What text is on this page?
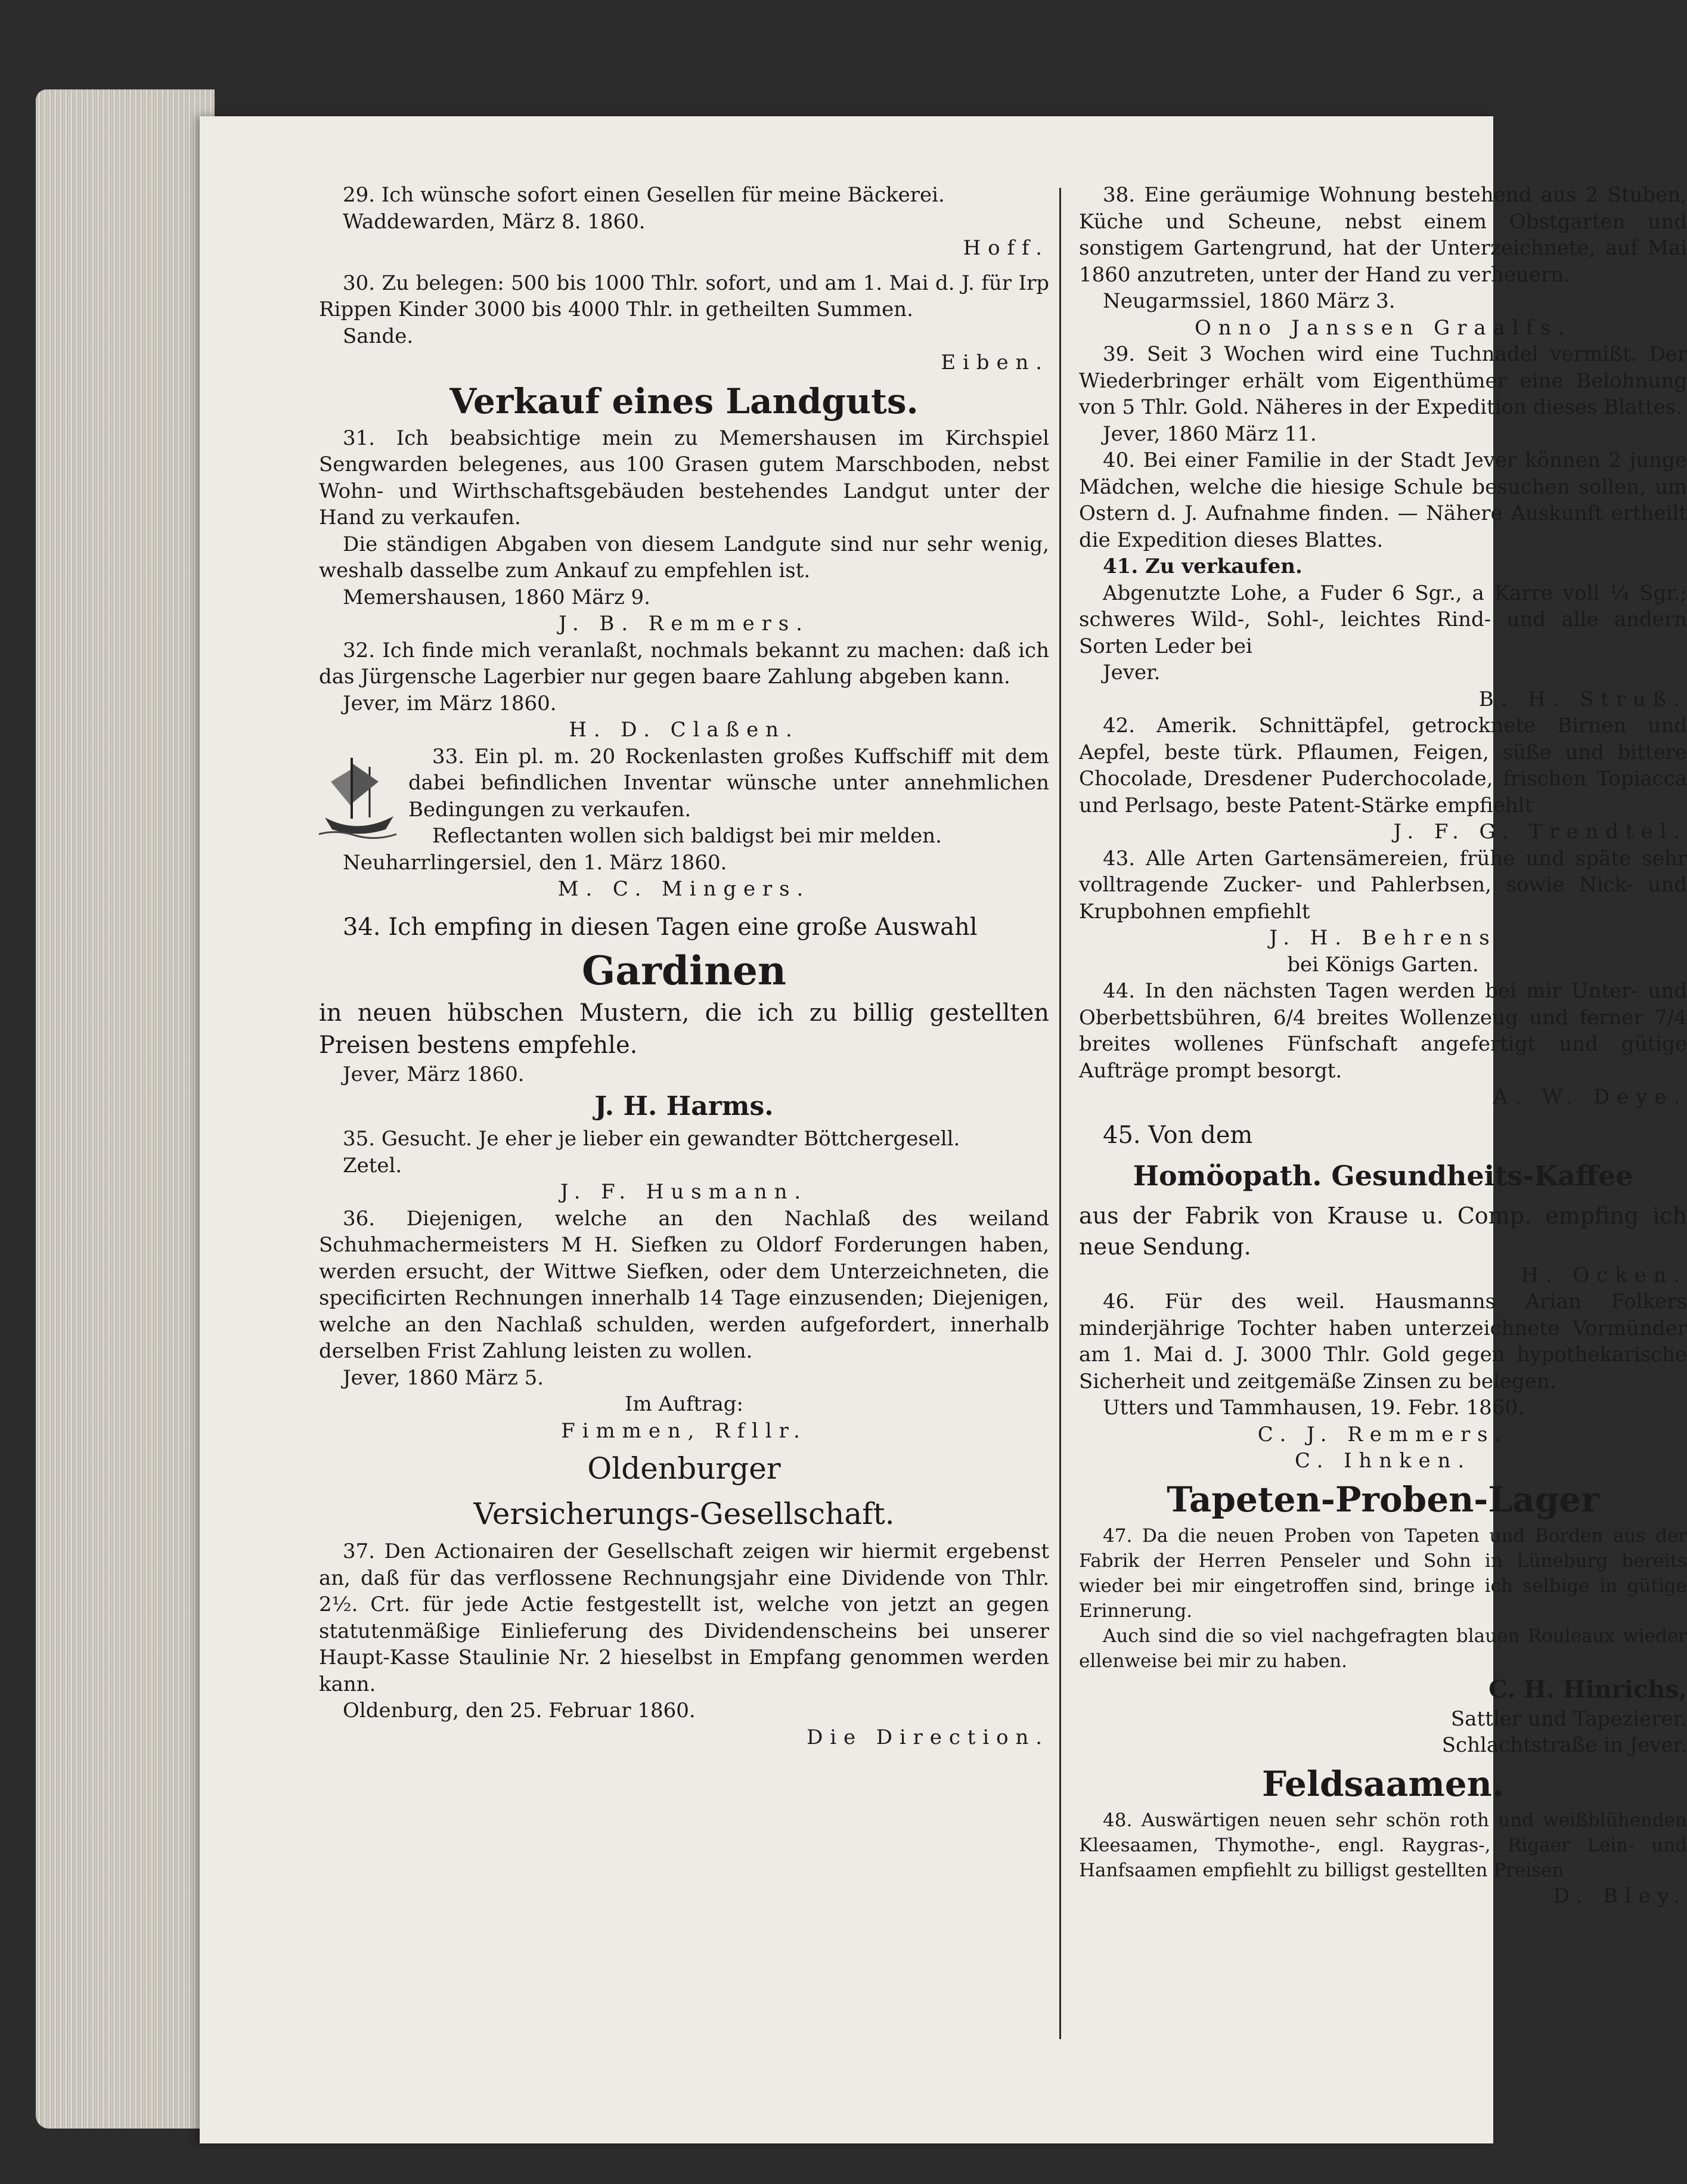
29. Ich wünsche sofort einen Gesellen für meine Bäckerei.

Waddewarden, März 8. 1860.

Hoff.

30. Zu belegen: 500 bis 1000 Thlr. sofort, und am 1. Mai d. J. für Irp Rippen Kinder 3000 bis 4000 Thlr. in getheilten Summen.

Sande.

Eiben.

Verkauf eines Landguts.

31. Ich beabsichtige mein zu Memershausen im Kirchspiel Sengwarden belegenes, aus 100 Grasen gutem Marschboden, nebst Wohn- und Wirthschaftsgebäuden bestehendes Landgut unter der Hand zu verkaufen.

Die ständigen Abgaben von diesem Landgute sind nur sehr wenig, weshalb dasselbe zum Ankauf zu empfehlen ist.

Memershausen, 1860 März 9.

J. B. Remmers.

32. Ich finde mich veranlaßt, nochmals bekannt zu machen: daß ich das Jürgensche Lagerbier nur gegen baare Zahlung abgeben kann.

Jever, im März 1860.

H. D. Claßen.

33. Ein pl. m. 20 Rockenlasten großes Kuffschiff mit dem dabei befindlichen Inventar wünsche unter annehmlichen Bedingungen zu verkaufen.

Reflectanten wollen sich baldigst bei mir melden.

Neuharrlingersiel, den 1. März 1860.

M. C. Mingers.

34. Ich empfing in diesen Tagen eine große Auswahl

Gardinen

in neuen hübschen Mustern, die ich zu billig gestellten Preisen bestens empfehle.

Jever, März 1860.

J. H. Harms.

35. Gesucht. Je eher je lieber ein gewandter Böttchergesell.

Zetel.

J. F. Husmann.

36. Diejenigen, welche an den Nachlaß des weiland Schuhmachermeisters M H. Siefken zu Oldorf Forderungen haben, werden ersucht, der Wittwe Siefken, oder dem Unterzeichneten, die specificirten Rechnungen innerhalb 14 Tage einzusenden; Diejenigen, welche an den Nachlaß schulden, werden aufgefordert, innerhalb derselben Frist Zahlung leisten zu wollen.

Jever, 1860 März 5.

Im Auftrag:

Fimmen, Rfllr.

Oldenburger
Versicherungs-Gesellschaft.

37. Den Actionairen der Gesellschaft zeigen wir hiermit ergebenst an, daß für das verflossene Rechnungsjahr eine Dividende von Thlr. 2½. Crt. für jede Actie festgestellt ist, welche von jetzt an gegen statutenmäßige Einlieferung des Dividendenscheins bei unserer Haupt-Kasse Staulinie Nr. 2 hieselbst in Empfang genommen werden kann.

Oldenburg, den 25. Februar 1860.

Die Direction.

38. Eine geräumige Wohnung bestehend aus 2 Stuben, Küche und Scheune, nebst einem Obstgarten und sonstigem Gartengrund, hat der Unterzeichnete, auf Mai 1860 anzutreten, unter der Hand zu verheuern.

Neugarmssiel, 1860 März 3.

Onno Janssen Graalfs.

39. Seit 3 Wochen wird eine Tuchnadel vermißt. Der Wiederbringer erhält vom Eigenthümer eine Belohnung von 5 Thlr. Gold. Näheres in der Expedition dieses Blattes.

Jever, 1860 März 11.

40. Bei einer Familie in der Stadt Jever können 2 junge Mädchen, welche die hiesige Schule besuchen sollen, um Ostern d. J. Aufnahme finden. — Nähere Auskunft ertheilt die Expedition dieses Blattes.

41. Zu verkaufen.

Abgenutzte Lohe, a Fuder 6 Sgr., a Karre voll ¼ Sgr.; schweres Wild-, Sohl-, leichtes Rind- und alle andern Sorten Leder bei

Jever.

B. H. Struß.

42. Amerik. Schnittäpfel, getrocknete Birnen und Aepfel, beste türk. Pflaumen, Feigen, süße und bittere Chocolade, Dresdener Puderchocolade, frischen Topiacca und Perlsago, beste Patent-Stärke empfiehlt

J. F. G. Trendtel.

43. Alle Arten Gartensämereien, frühe und späte sehr volltragende Zucker- und Pahlerbsen, sowie Nick- und Krupbohnen empfiehlt

J. H. Behrens

bei Königs Garten.

44. In den nächsten Tagen werden bei mir Unter- und Oberbettsbühren, 6/4 breites Wollenzeug und ferner 7/4 breites wollenes Fünfschaft angefertigt und gütige Aufträge prompt besorgt.

A. W. Deye.

45. Von dem

Homöopath. Gesundheits-Kaffee

aus der Fabrik von Krause u. Comp. empfing ich neue Sendung.

H. Ocken.

46. Für des weil. Hausmanns Arian Folkers minderjährige Tochter haben unterzeichnete Vormünder am 1. Mai d. J. 3000 Thlr. Gold gegen hypothekarische Sicherheit und zeitgemäße Zinsen zu belegen.

Utters und Tammhausen, 19. Febr. 1860.

C. J. Remmers.

C. Ihnken.

Tapeten-Proben-Lager

47. Da die neuen Proben von Tapeten und Borden aus der Fabrik der Herren Penseler und Sohn in Lüneburg bereits wieder bei mir eingetroffen sind, bringe ich selbige in gütige Erinnerung.

Auch sind die so viel nachgefragten blauen Rouleaux wieder ellenweise bei mir zu haben.

C. H. Hinrichs,

Sattler und Tapezierer.

Schlachtstraße in Jever.

Feldsaamen.

48. Auswärtigen neuen sehr schön roth und weißblühenden Kleesaamen, Thymothe-, engl. Raygras-, Rigaer Lein- und Hanfsaamen empfiehlt zu billigst gestellten Preisen

D. Bley.
